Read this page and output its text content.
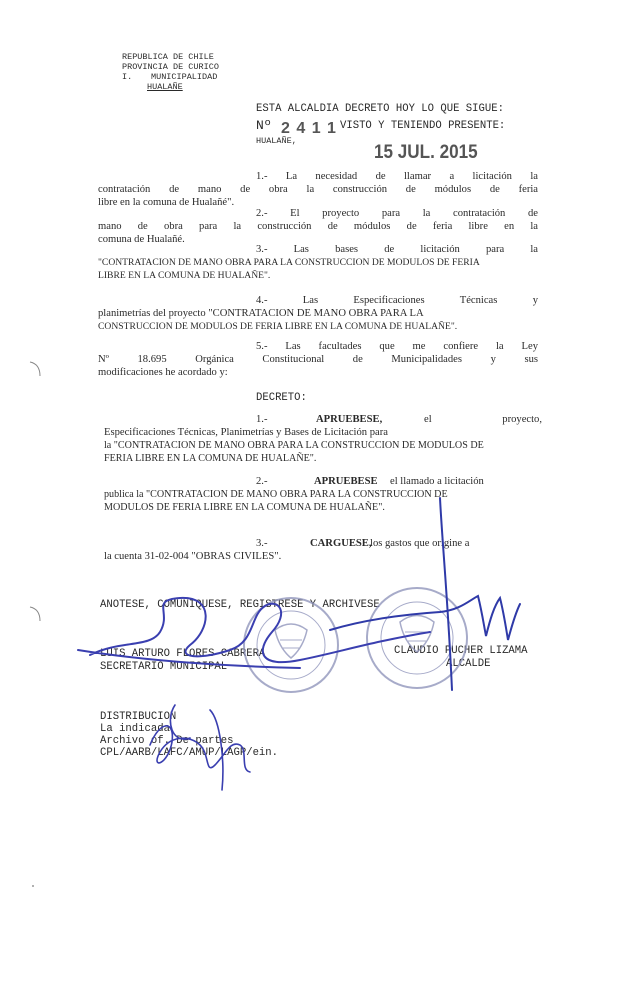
REPUBLICA DE CHILE
PROVINCIA DE CURICO
I. MUNICIPALIDAD
HUALAÑE
ESTA ALCALDIA DECRETO HOY LO QUE SIGUE:
Nº 2 4 1 1 VISTO Y TENIENDO PRESENTE:
HUALAÑE,
15 JUL. 2015
1.- La necesidad de llamar a licitación la
contratación de mano de obra la construcción de módulos de feria
libre en la comuna de Hualañé".
2.- El proyecto para la contratación de
mano de obra para la construcción de módulos de feria libre en la
comuna de Hualañé.
3.- Las bases de licitación para la
"CONTRATACION DE MANO OBRA PARA LA CONSTRUCCION DE MODULOS DE FERIA
LIBRE EN LA COMUNA DE HUALAÑE".
4.- Las Especificaciones Técnicas y
planimetrías del proyecto "CONTRATACION DE MANO OBRA PARA LA
CONSTRUCCION DE MODULOS DE FERIA LIBRE EN LA COMUNA DE HUALAÑE".
5.- Las facultades que me confiere la Ley
Nº 18.695 Orgánica Constitucional de Municipalidades y sus
modificaciones he acordado y:
DECRETO:
1.-	APRUEBESE,	el proyecto,
Especificaciones Técnicas, Planimetrías y Bases de Licitación para
la "CONTRATACION DE MANO OBRA PARA LA CONSTRUCCION DE MODULOS DE
FERIA LIBRE EN LA COMUNA DE HUALAÑE".
2.-	APRUEBESE el llamado a licitación
publica la "CONTRATACION DE MANO OBRA PARA LA CONSTRUCCION DE
MODULOS DE FERIA LIBRE EN LA COMUNA DE HUALAÑE".
3.-	CARGUESE,
los gastos que origine a
la cuenta 31-02-004 "OBRAS CIVILES".
ANOTESE, COMUNIQUESE, REGISTRESE Y ARCHIVESE
LUIS ARTURO FLORES CABRERA
SECRETARIO MUNICIPAL
CLAUDIO PUCHER LIZAMA
ALCALDE
DISTRIBUCION
La indicada
Archivo of. De partes
CPL/AARB/LAFC/AMUP/LAGP/ein.
